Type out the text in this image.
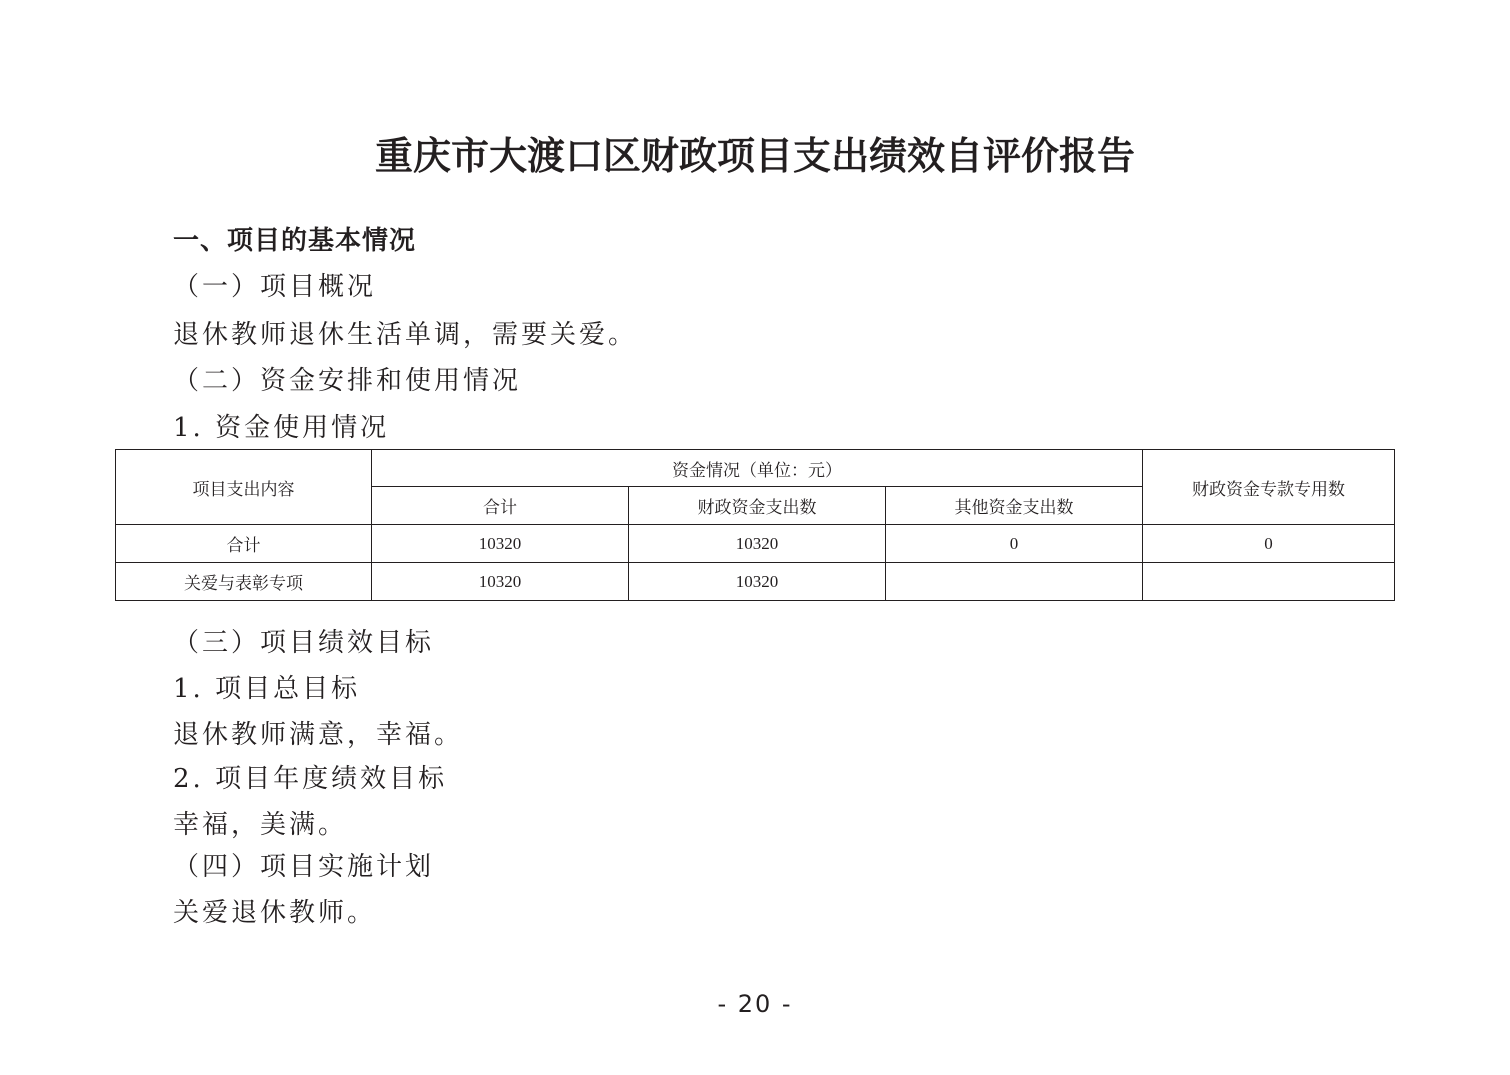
重庆市大渡口区财政项目支出绩效自评价报告
一、项目的基本情况
（一）项目概况
退休教师退休生活单调，需要关爱。
（二）资金安排和使用情况
1. 资金使用情况
项目支出内容	资金情况（单位：元）			财政资金专款专用数
	合计	财政资金支出数	其他资金支出数	
合计	10320	10320	0	0
关爱与表彰专项	10320	10320		
（三）项目绩效目标
1. 项目总目标
退休教师满意，幸福。
2. 项目年度绩效目标
幸福，美满。
（四）项目实施计划
关爱退休教师。
- 20 -
